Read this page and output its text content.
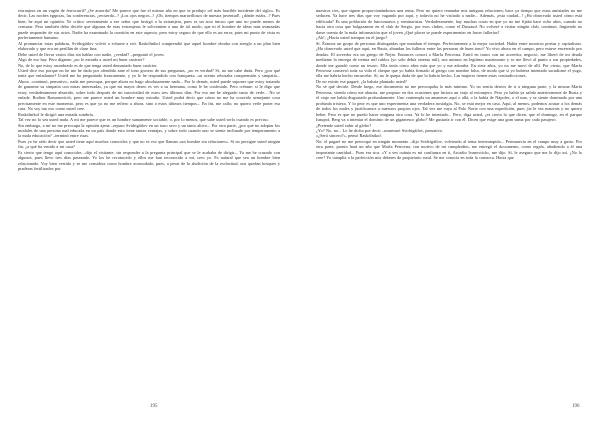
extranjera en un vagón de ferrocarril? ¿Se acuerda? Me parece que fue el mismo año en que se produjo «el más horrible incidente del siglo». Es decir, Las noches egipcias, las conferencias, ¿recuerda...? ¡Los ojos negros...! ¡Oh, tiempos maravillosos de nuestra juventud!, ¿dónde estáis...? Pues bien, he aquí mi opinión. Yo critico severamente a ese señor que fustigó a la extranjera, pues es un acto inicuo que uno no puede menos de censurar. Pero también debo decirle que algunas de esas extranjeras le solivianten a uno de tal modo, que ni el hombre de ideas más avanzadas puede responder de sus actos. Nadie ha examinado la cuestión en este aspecto, pero estoy seguro de que ello es un error, pues mi punto de vista es perfectamente humano.

Al pronunciar estas palabras, Svidrigáilov volvió a echarse a reír. Raskólnikof comprendió que aquel hombre obraba con arreglo a un plan bien elaborado y que era un perillán de clase fina.

Debe usted de llevar varios días sin hablar con nadie, ¿verdad? –preguntó el joven.

Algo de eso hay. Pero dígame: ¿no le extraña a usted mi buen carácter?

No, de lo que estoy asombrado es de que tenga usted demasiado buen carácter.

Usted dice eso porque no he me he dado por ofendido ante el tono grosero de sus preguntas, ¿no es verdad? Sí, no me cabe duda. Pero ¿por qué tenía que enfadarme? Usted me ha preguntado francamente, y yo le he respondido con franqueza –su acento rebosaba comprensión y simpatía–. Ahora –continuó, pensativo– nada me preocupa, porque ahora no hago absolutamente nada... Por lo demás, usted puede suponer que estoy tratando de ganarme su simpatía con miras interesadas, ya que mi mayor deseo es ver a su hermana, como le he confesado. Pero créame: si le digo que estoy verdaderamente aburrido, sobre todo después de mi inactividad de estos tres últimos días. Por eso me he alegrado tanto de verle... No se enfade, Rodion Romanovitch, pero me parece usted un hombre muy extraño. Usted podrá decir que cómo no me ha ocurrido semejante cosa precisamente en este momento, pero es que yo no me refiero a ahora, sino a estos últimos tiempos... En fin, me callo; no quiero verle poner esa cara. No soy tan oso como usted cree.

Raskólnikof le dirigió una mirada sombría.

Tal vez no lo sea usted nada. A mí me parece que es un hombre sumamente sociable, o, por lo menos, que sabe usted serlo cuando es preciso.

Sin embargo, a mí no me preocupa la opinión ajena –repuso Svidrigáilov en un tono seco y un tanto altivo–. Por otra parte, ¿por qué no adoptar los modales de una persona mal educada en un país donde esto tiene tantas ventajas, y sobre todo cuando uno se siente inclinado por temperamento a la mala educación? –terminó entre risas.

Pues yo he oído decir que usted tiene aquí muchos conocidos y que no es eso que llaman «un hombre sin relaciones». Si no persigue usted ningún fin, ¿a qué ha venido a mi casa?

Es cierto que tengo aquí conocidos –dijo el visitante, sin responder a la pregunta principal que se le acababa de dirigir–. Ya me he cruzado con algunos, pues llevo tres días paseando. Yo los he reconocido y ellos me han reconocido a mí, creo yo. Es natural que sea un hombre bien relacionado. Voy bien vestido y se me considera como hombre acomodado, pues, a pesar de la abolición de la esclavitud, nos quedan bosques y praderas fertilizados por

nuestros ríos, que siguen proporcionándonos una renta. Pero no quiero reanudar mis antiguas relaciones; hace ya tiempo que estas amistades no me seducen. Ya hace tres días que voy vagando por aquí, y todavía no he visitado a nadie... Además, ¡esta ciudad...! ¿Ha observado usted cómo está edificada? Es una población de funcionarios y seminaristas. Verdaderamente, hay muchas cosas en que yo no me fijaba hace ocho años, cuando no hacía otra cosa que holgazanear en el club de Sergio, por esos clubes, como el Dussaud. No volveré a visitar ningún club, continuó, fingiendo no darse cuenta de la mala información que el joven ¿Qué placer se puede experimentar en hacer fullerías?

¿Ah!, ¿Hacía usted trampas en el juego?

Sí. Éramos un grupo de personas distinguidas que mataban el tiempo. Perfectamente a la mejor sociedad. Había entre nosotros poetas y capitalistas. ¿Ha observado usted que aquí, en Rusia, abundan los fulleros entre las personas de buen tono? Yo vivo ahora en el campo, pero estuve encerrado por deudas. El acreedor era un griego de Nejin. Entonces conocí a Marfa Petrovna. Entró en tratos con mi acreedor, negoció, me liberó de mi deuda mediante la entrega de treinta mil rublos (yo solo debía setenta mil), nos unimos en legítimo matrimonio y se me llevó al punto a sus propiedades, donde me guardó como un tesoro. Ella tenía cinco años más que yo y me adoraba. En siete años, yo no me moví de allí. Por cierto, que Marfa Petrovna conservó toda su vida el cheque que yo había firmado al griego con nombre falso, de modo que si yo hubiera intentado sacudirme el yugo, ella me habría hecho encarcelar. Sí, no le quepa duda de que lo habría hecho. Las mujeres tienen estas contradicciones.

De no existir ese pagaré, ¿la habría plantado usted?

No sé qué decirle. Desde luego, ese documento no me preocupaba lo más mínimo. Yo no sentía deseos de ir a ninguna parte, y la misma Marfa Petrovna, viendo cómo me aburría, me propuso en dos ocasiones que hiciera un viaje al extranjero. Pero yo había ya salido anteriormente de Rusia y el viaje me había disgustado profundamente. Uno contempla un amanecer aquí o allá, o la bahía de Nápoles, o el mar, y se siente dominado por una profunda tristeza. Y lo peor es que uno experimenta una verdadera nostalgia. No, se está mejor en casa. Aquí, al menos, podemos acusar a los demás de todos los males y justificarnos a nuestros propios ojos. Tal vez me vaya al Polo Norte con una expedición, pues j'ai le vin mauvais y no quiero beber. Pero es que no puedo hacer ninguna otra cosa. Ya lo he intentado... Pero, diga usted, ¿es cierto lo que dicen, que el domingo, en el parque Iusupof, Berg va a intentar el dominio de un gigantesco globo? Me gustaría ir con él. Dicen que exige una gran suma por cada pasajero.

¿Pretende usted subir al globo?

¿Yo? No, no... Lo he dicho por decir –murmuró Svidrigáilov, pensativo.

«¿Será sincero?», pensó Raskólnikof.

No; el pagaré no me preocupó en ningún momento –dijo Svidrigáilov, volviendo al tema interrumpido–. Permanecía en el campo muy a gusto. Por otra parte, pronto hará un año que Marfa Petrovna, con motivo de mi cumpleaños, me entregó el documento, como regalo, añadiendo a él una importante cantidad... Pues era rica. «Y a ves cuánta es mi confianza en ti, Arcadio Ivanovitch», me dijo. Sí, le aseguro que me lo dijo así. ¿No lo cree? Yo cumplía a la perfección mis deberes de propietario rural. Se me conocía en toda la comarca. Hacía que

195	196
